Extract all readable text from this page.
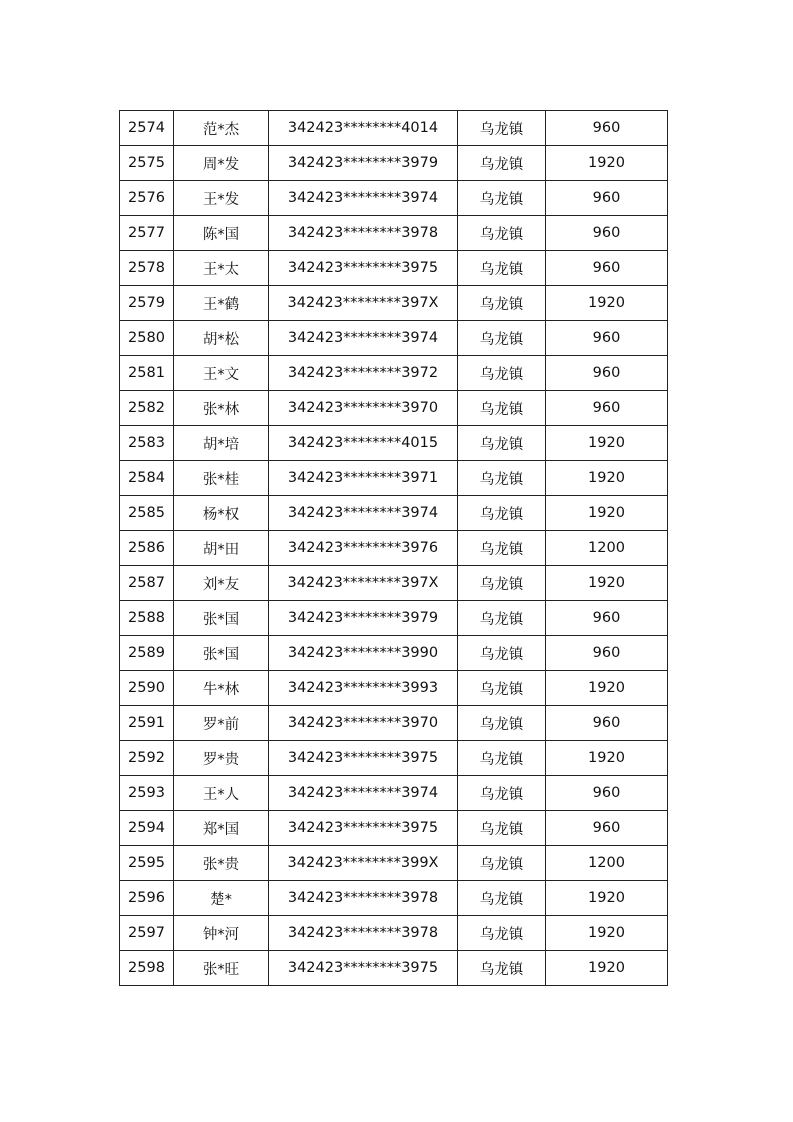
2574	范*杰	342423********4014	乌龙镇	960
2575	周*发	342423********3979	乌龙镇	1920
2576	王*发	342423********3974	乌龙镇	960
2577	陈*国	342423********3978	乌龙镇	960
2578	王*太	342423********3975	乌龙镇	960
2579	王*鹤	342423********397X	乌龙镇	1920
2580	胡*松	342423********3974	乌龙镇	960
2581	王*文	342423********3972	乌龙镇	960
2582	张*林	342423********3970	乌龙镇	960
2583	胡*培	342423********4015	乌龙镇	1920
2584	张*桂	342423********3971	乌龙镇	1920
2585	杨*权	342423********3974	乌龙镇	1920
2586	胡*田	342423********3976	乌龙镇	1200
2587	刘*友	342423********397X	乌龙镇	1920
2588	张*国	342423********3979	乌龙镇	960
2589	张*国	342423********3990	乌龙镇	960
2590	牛*林	342423********3993	乌龙镇	1920
2591	罗*前	342423********3970	乌龙镇	960
2592	罗*贵	342423********3975	乌龙镇	1920
2593	王*人	342423********3974	乌龙镇	960
2594	郑*国	342423********3975	乌龙镇	960
2595	张*贵	342423********399X	乌龙镇	1200
2596	楚*	342423********3978	乌龙镇	1920
2597	钟*河	342423********3978	乌龙镇	1920
2598	张*旺	342423********3975	乌龙镇	1920
